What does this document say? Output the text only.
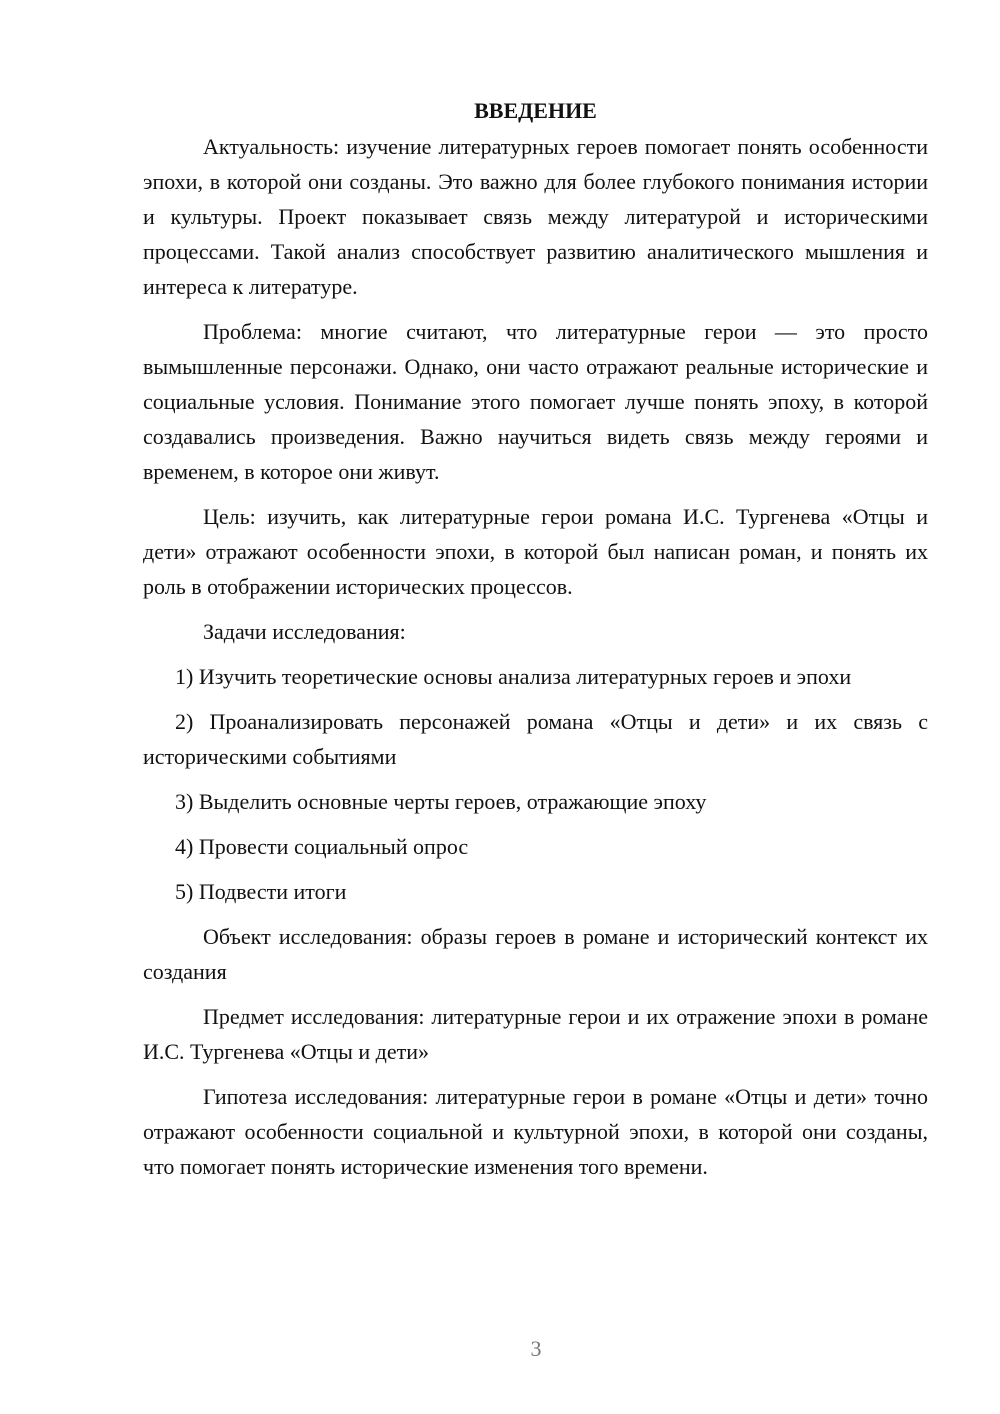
ВВЕДЕНИЕ

Актуальность: изучение литературных героев помогает понять особенности эпохи, в которой они созданы. Это важно для более глубокого понимания истории и культуры. Проект показывает связь между литературой и историческими процессами. Такой анализ способствует развитию аналитического мышления и интереса к литературе.

Проблема: многие считают, что литературные герои — это просто вымышленные персонажи. Однако, они часто отражают реальные исторические и социальные условия. Понимание этого помогает лучше понять эпоху, в которой создавались произведения. Важно научиться видеть связь между героями и временем, в которое они живут.

Цель: изучить, как литературные герои романа И.С. Тургенева «Отцы и дети» отражают особенности эпохи, в которой был написан роман, и понять их роль в отображении исторических процессов.

Задачи исследования:

1) Изучить теоретические основы анализа литературных героев и эпохи

2) Проанализировать персонажей романа «Отцы и дети» и их связь с историческими событиями

3) Выделить основные черты героев, отражающие эпоху

4) Провести социальный опрос

5) Подвести итоги

Объект исследования: образы героев в романе и исторический контекст их создания

Предмет исследования: литературные герои и их отражение эпохи в романе И.С. Тургенева «Отцы и дети»

Гипотеза исследования: литературные герои в романе «Отцы и дети» точно отражают особенности социальной и культурной эпохи, в которой они созданы, что помогает понять исторические изменения того времени.

3
